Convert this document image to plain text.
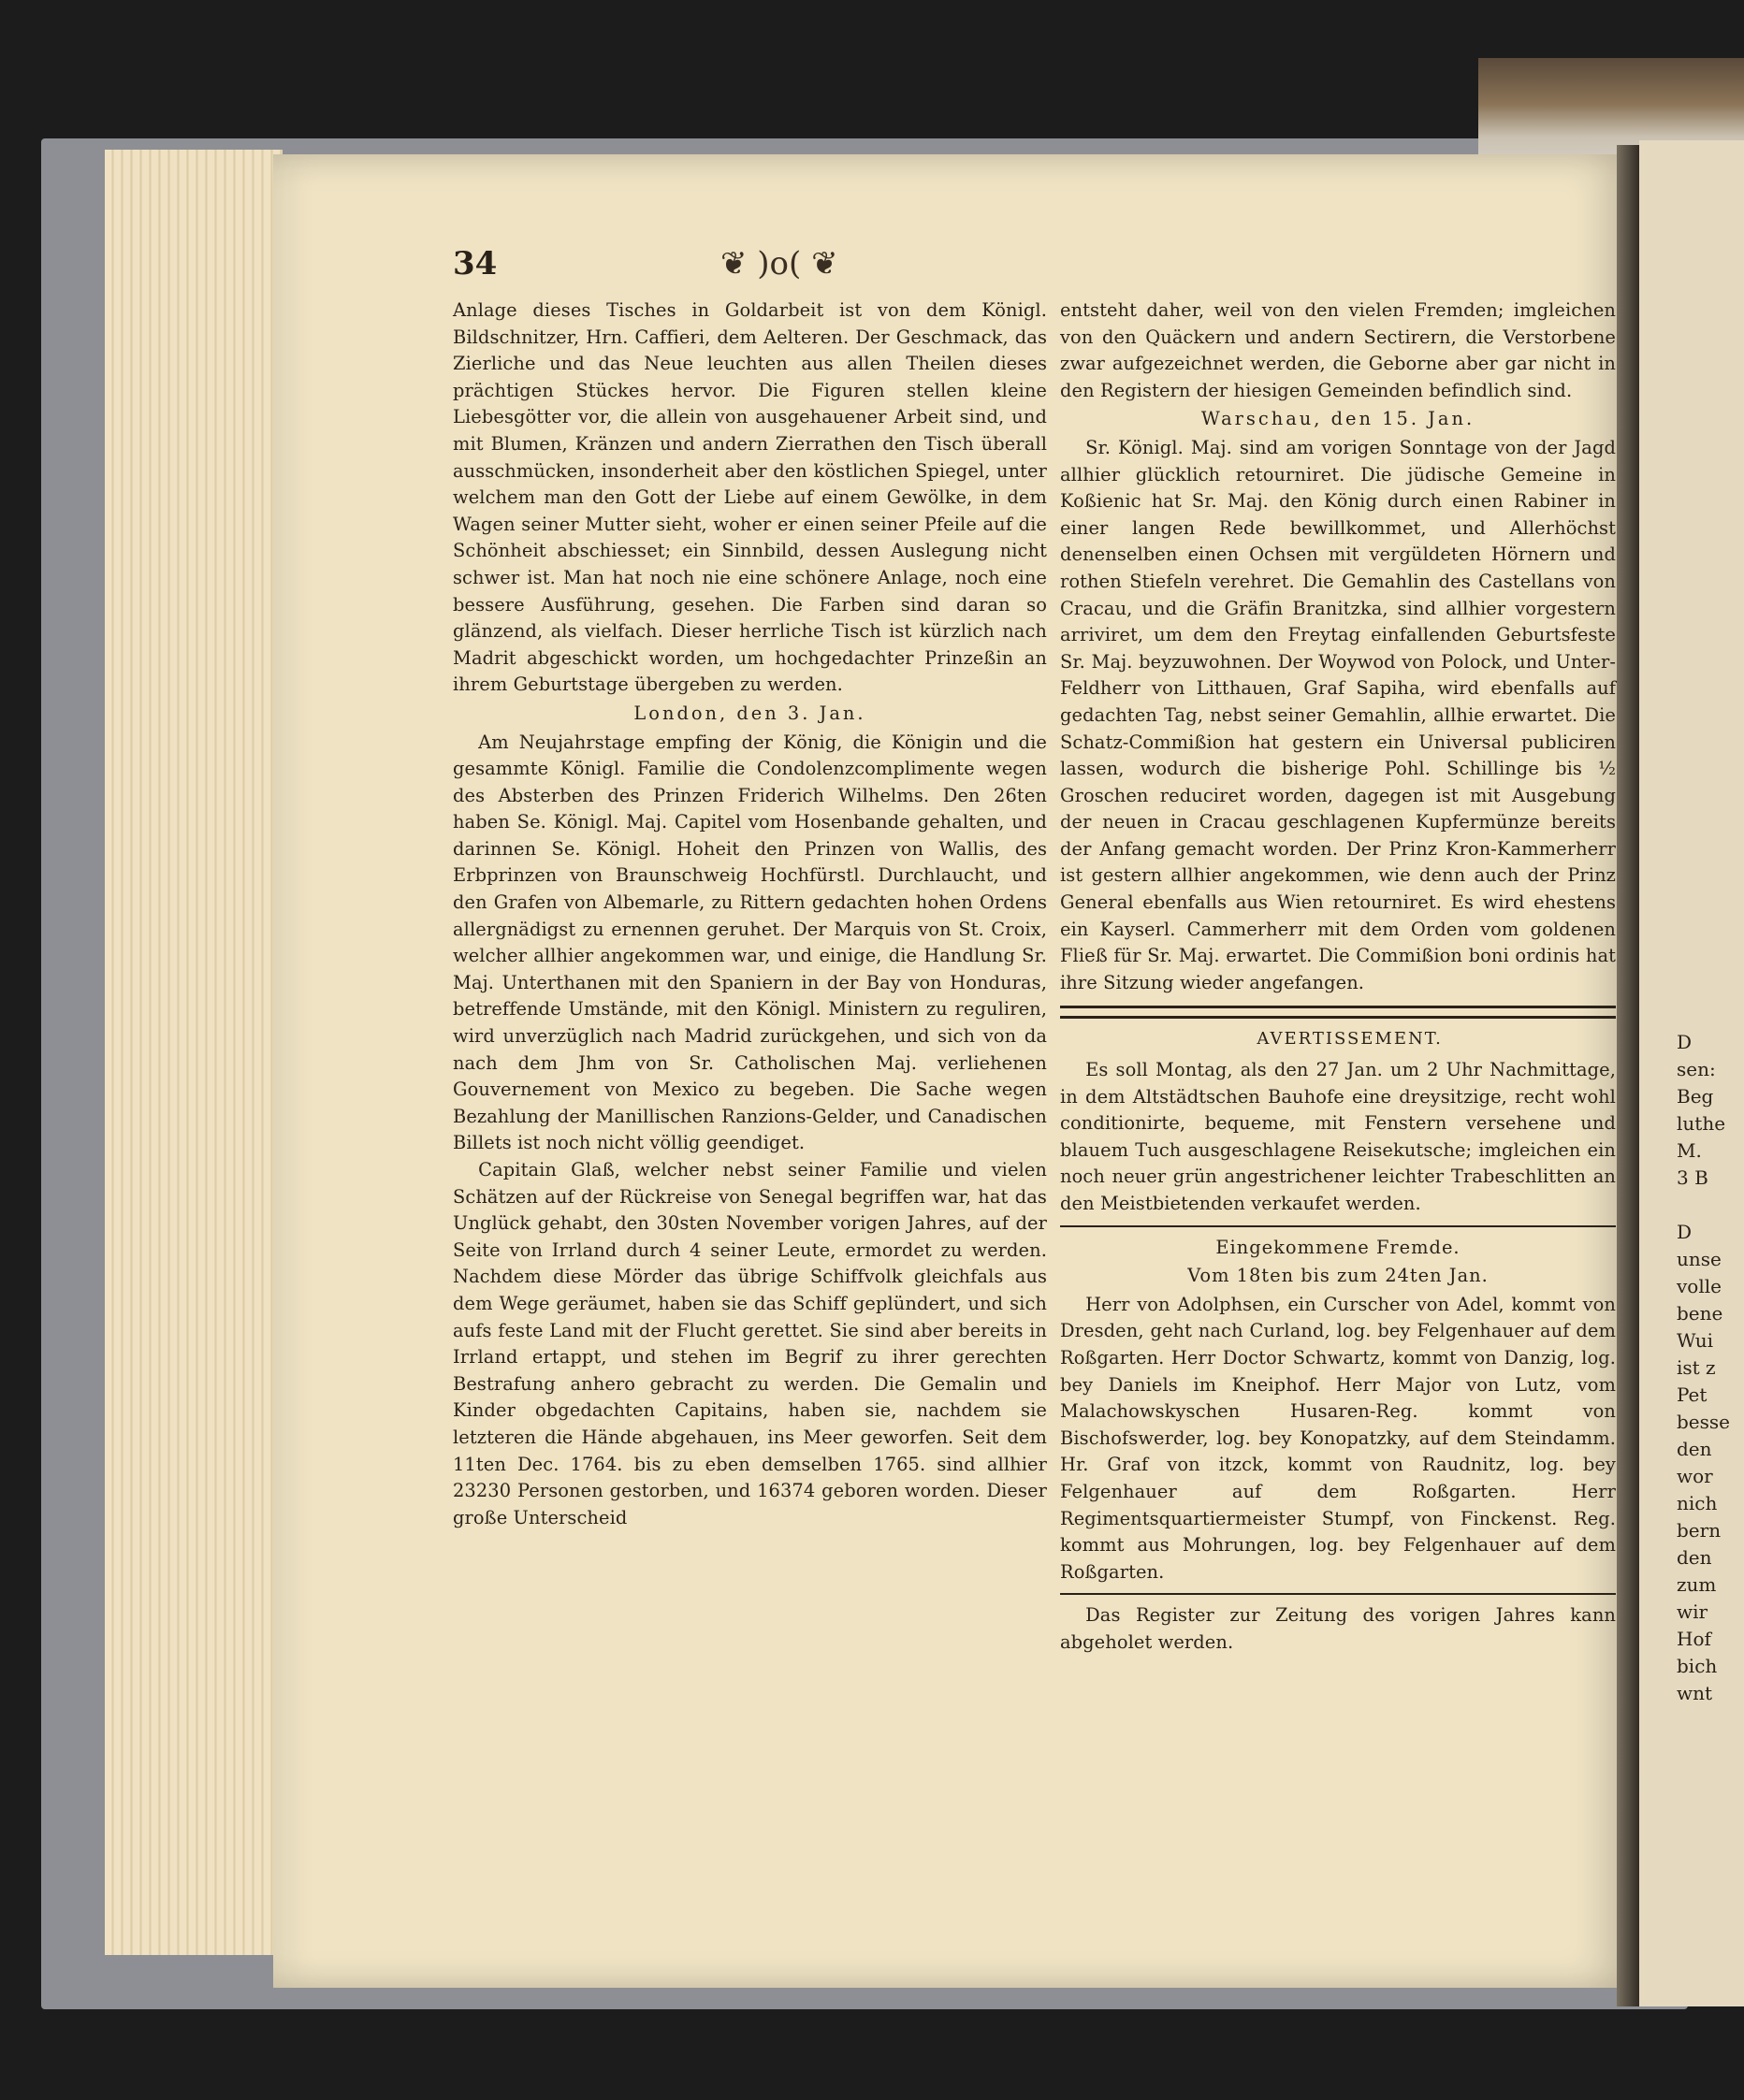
34	❦ )o( ❦

Anlage dieses Tisches in Goldarbeit ist von dem Königl. Bildschnitzer, Hrn. Caffieri, dem Aelteren. Der Geschmack, das Zierliche und das Neue leuchten aus allen Theilen dieses prächtigen Stückes hervor. Die Figuren stellen kleine Liebesgötter vor, die allein von ausgehauener Arbeit sind, und mit Blumen, Kränzen und andern Zierrathen den Tisch überall ausschmücken, insonderheit aber den köstlichen Spiegel, unter welchem man den Gott der Liebe auf einem Gewölke, in dem Wagen seiner Mutter sieht, woher er einen seiner Pfeile auf die Schönheit abschiesset; ein Sinnbild, dessen Auslegung nicht schwer ist. Man hat noch nie eine schönere Anlage, noch eine bessere Ausführung, gesehen. Die Farben sind daran so glänzend, als vielfach. Dieser herrliche Tisch ist kürzlich nach Madrit abgeschickt worden, um hochgedachter Prinzeßin an ihrem Geburtstage übergeben zu werden.

London, den 3. Jan.

Am Neujahrstage empfing der König, die Königin und die gesammte Königl. Familie die Condolenzcomplimente wegen des Absterben des Prinzen Friderich Wilhelms. Den 26ten haben Se. Königl. Maj. Capitel vom Hosenbande gehalten, und darinnen Se. Königl. Hoheit den Prinzen von Wallis, des Erbprinzen von Braunschweig Hochfürstl. Durchlaucht, und den Grafen von Albemarle, zu Rittern gedachten hohen Ordens allergnädigst zu ernennen geruhet. Der Marquis von St. Croix, welcher allhier angekommen war, und einige, die Handlung Sr. Maj. Unterthanen mit den Spaniern in der Bay von Honduras, betreffende Umstände, mit den Königl. Ministern zu reguliren, wird unverzüglich nach Madrid zurückgehen, und sich von da nach dem Jhm von Sr. Catholischen Maj. verliehenen Gouvernement von Mexico zu begeben. Die Sache wegen Bezahlung der Manillischen Ranzions-Gelder, und Canadischen Billets ist noch nicht völlig geendiget.

Capitain Glaß, welcher nebst seiner Familie und vielen Schätzen auf der Rückreise von Senegal begriffen war, hat das Unglück gehabt, den 30sten November vorigen Jahres, auf der Seite von Irrland durch 4 seiner Leute, ermordet zu werden. Nachdem diese Mörder das übrige Schiffvolk gleichfals aus dem Wege geräumet, haben sie das Schiff geplündert, und sich aufs feste Land mit der Flucht gerettet. Sie sind aber bereits in Irrland ertappt, und stehen im Begrif zu ihrer gerechten Bestrafung anhero gebracht zu werden. Die Gemalin und Kinder obgedachten Capitains, haben sie, nachdem sie letzteren die Hände abgehauen, ins Meer geworfen. Seit dem 11ten Dec. 1764. bis zu eben demselben 1765. sind allhier 23230 Personen gestorben, und 16374 geboren worden. Dieser große Unterscheid

entsteht daher, weil von den vielen Fremden; imgleichen von den Quäckern und andern Sectirern, die Verstorbene zwar aufgezeichnet werden, die Geborne aber gar nicht in den Registern der hiesigen Gemeinden befindlich sind.

Warschau, den 15. Jan.

Sr. Königl. Maj. sind am vorigen Sonntage von der Jagd allhier glücklich retourniret. Die jüdische Gemeine in Koßienic hat Sr. Maj. den König durch einen Rabiner in einer langen Rede bewillkommet, und Allerhöchst denenselben einen Ochsen mit vergüldeten Hörnern und rothen Stiefeln verehret. Die Gemahlin des Castellans von Cracau, und die Gräfin Branitzka, sind allhier vorgestern arriviret, um dem den Freytag einfallenden Geburtsfeste Sr. Maj. beyzuwohnen. Der Woywod von Polock, und Unter-Feldherr von Litthauen, Graf Sapiha, wird ebenfalls auf gedachten Tag, nebst seiner Gemahlin, allhie erwartet. Die Schatz-Commißion hat gestern ein Universal publiciren lassen, wodurch die bisherige Pohl. Schillinge bis ½ Groschen reduciret worden, dagegen ist mit Ausgebung der neuen in Cracau geschlagenen Kupfermünze bereits der Anfang gemacht worden. Der Prinz Kron-Kammerherr ist gestern allhier angekommen, wie denn auch der Prinz General ebenfalls aus Wien retourniret. Es wird ehestens ein Kayserl. Cammerherr mit dem Orden vom goldenen Fließ für Sr. Maj. erwartet. Die Commißion boni ordinis hat ihre Sitzung wieder angefangen.

AVERTISSEMENT.

Es soll Montag, als den 27 Jan. um 2 Uhr Nachmittage, in dem Altstädtschen Bauhofe eine dreysitzige, recht wohl conditionirte, bequeme, mit Fenstern versehene und blauem Tuch ausgeschlagene Reisekutsche; imgleichen ein noch neuer grün angestrichener leichter Trabeschlitten an den Meistbietenden verkaufet werden.

Eingekommene Fremde.

Vom 18ten bis zum 24ten Jan.

Herr von Adolphsen, ein Curscher von Adel, kommt von Dresden, geht nach Curland, log. bey Felgenhauer auf dem Roßgarten. Herr Doctor Schwartz, kommt von Danzig, log. bey Daniels im Kneiphof. Herr Major von Lutz, vom Malachowskyschen Husaren-Reg. kommt von Bischofswerder, log. bey Konopatzky, auf dem Steindamm. Hr. Graf von itzck, kommt von Raudnitz, log. bey Felgenhauer auf dem Roßgarten. Herr Regimentsquartiermeister Stumpf, von Finckenst. Reg. kommt aus Mohrungen, log. bey Felgenhauer auf dem Roßgarten.

Das Register zur Zeitung des vorigen Jahres kann abgeholet werden.

D
sen:
Beg
luthe
M.
3 B

D
unse
volle
bene
Wui
ist z
Pet
besse
den
wor
nich
bern
den
zum
wir
Hof
bich
wnt
